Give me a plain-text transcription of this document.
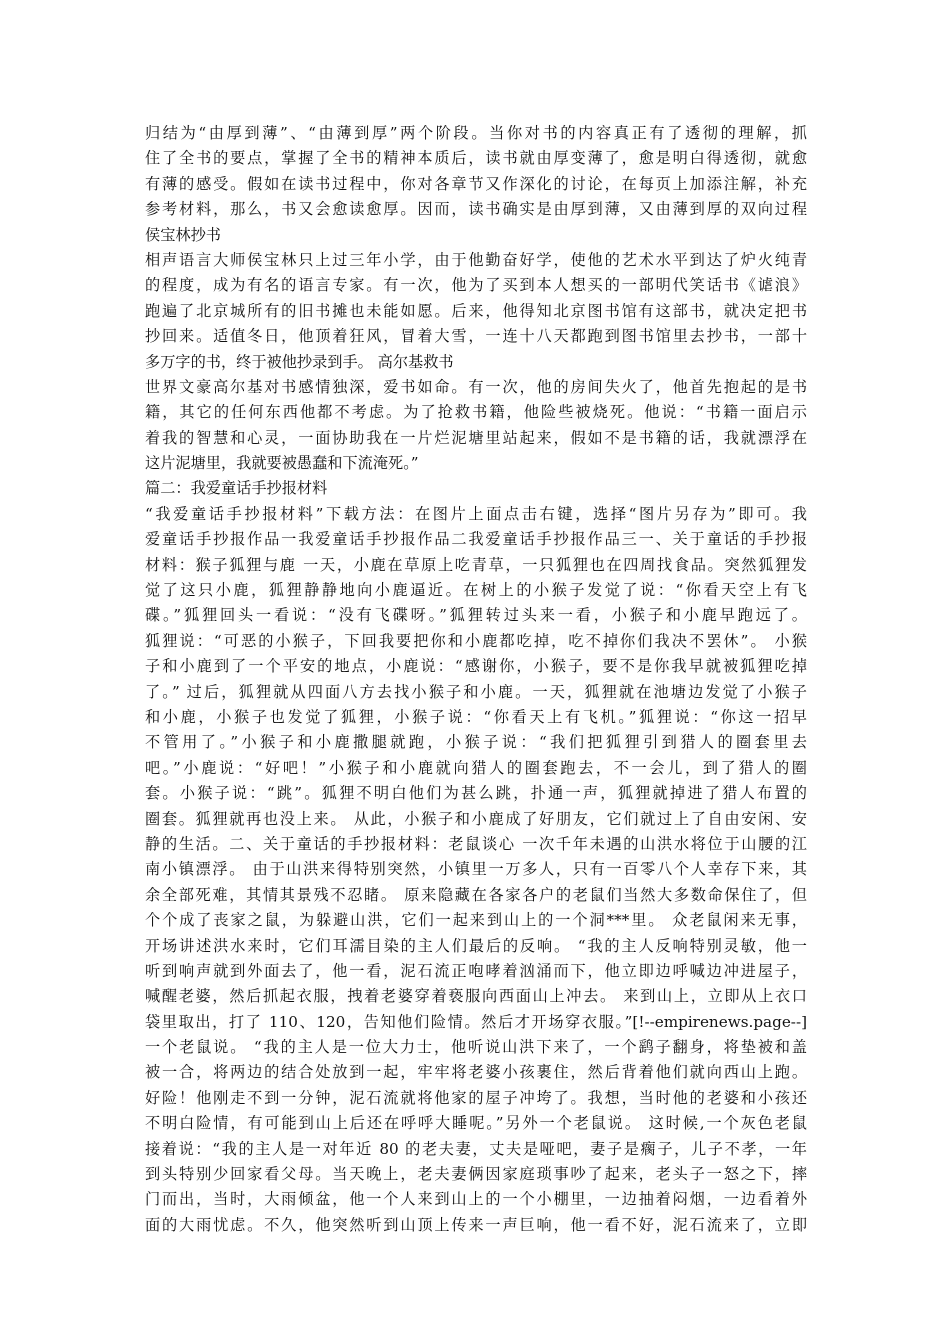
归结为“由厚到薄”、“由薄到厚”两个阶段。当你对书的内容真正有了透彻的理解，抓
住了全书的要点，掌握了全书的精神本质后，读书就由厚变薄了，愈是明白得透彻，就愈
有薄的感受。假如在读书过程中，你对各章节又作深化的讨论，在每页上加添注解，补充
参考材料，那么，书又会愈读愈厚。因而，读书确实是由厚到薄，又由薄到厚的双向过程
侯宝林抄书
相声语言大师侯宝林只上过三年小学，由于他勤奋好学，使他的艺术水平到达了炉火纯青
的程度，成为有名的语言专家。有一次，他为了买到本人想买的一部明代笑话书《谑浪》
跑遍了北京城所有的旧书摊也未能如愿。后来，他得知北京图书馆有这部书，就决定把书
抄回来。适值冬日，他顶着狂风，冒着大雪，一连十八天都跑到图书馆里去抄书，一部十
多万字的书，终于被他抄录到手。 高尔基救书
世界文豪高尔基对书感情独深，爱书如命。有一次，他的房间失火了，他首先抱起的是书
籍，其它的任何东西他都不考虑。为了抢救书籍，他险些被烧死。他说：“书籍一面启示
着我的智慧和心灵，一面协助我在一片烂泥塘里站起来，假如不是书籍的话，我就漂浮在
这片泥塘里，我就要被愚蠢和下流淹死。”
篇二：我爱童话手抄报材料
“我爱童话手抄报材料”下载方法：在图片上面点击右键，选择“图片另存为”即可。我
爱童话手抄报作品一我爱童话手抄报作品二我爱童话手抄报作品三一、关于童话的手抄报
材料：猴子狐狸与鹿 一天，小鹿在草原上吃青草，一只狐狸也在四周找食品。突然狐狸发
觉了这只小鹿，狐狸静静地向小鹿逼近。在树上的小猴子发觉了说：“你看天空上有飞
碟。”狐狸回头一看说：“没有飞碟呀。”狐狸转过头来一看，小猴子和小鹿早跑远了。
狐狸说：“可恶的小猴子，下回我要把你和小鹿都吃掉，吃不掉你们我决不罢休”。 小猴
子和小鹿到了一个平安的地点，小鹿说：“感谢你，小猴子，要不是你我早就被狐狸吃掉
了。” 过后，狐狸就从四面八方去找小猴子和小鹿。一天，狐狸就在池塘边发觉了小猴子
和小鹿，小猴子也发觉了狐狸，小猴子说：“你看天上有飞机。”狐狸说：“你这一招早
不管用了。”小猴子和小鹿撒腿就跑，小猴子说：“我们把狐狸引到猎人的圈套里去
吧。”小鹿说：“好吧！”小猴子和小鹿就向猎人的圈套跑去，不一会儿，到了猎人的圈
套。小猴子说：“跳”。狐狸不明白他们为甚么跳，扑通一声，狐狸就掉进了猎人布置的
圈套。狐狸就再也没上来。 从此，小猴子和小鹿成了好朋友，它们就过上了自由安闲、安
静的生活。二、关于童话的手抄报材料：老鼠谈心 一次千年未遇的山洪水将位于山腰的江
南小镇漂浮。 由于山洪来得特别突然，小镇里一万多人，只有一百零八个人幸存下来，其
余全部死难，其情其景残不忍睹。 原来隐藏在各家各户的老鼠们当然大多数命保住了，但
个个成了丧家之鼠，为躲避山洪，它们一起来到山上的一个洞***里。 众老鼠闲来无事，
开场讲述洪水来时，它们耳濡目染的主人们最后的反响。 “我的主人反响特别灵敏，他一
听到响声就到外面去了，他一看，泥石流正咆哮着汹涌而下，他立即边呼喊边冲进屋子，
喊醒老婆，然后抓起衣服，拽着老婆穿着亵服向西面山上冲去。 来到山上，立即从上衣口
袋里取出，打了 110、120，告知他们险情。然后才开场穿衣服。”[!--empirenews.page--]
一个老鼠说。 “我的主人是一位大力士，他听说山洪下来了，一个鹞子翻身，将垫被和盖
被一合，将两边的结合处放到一起，牢牢将老婆小孩裹住，然后背着他们就向西山上跑。
好险！他刚走不到一分钟，泥石流就将他家的屋子冲垮了。我想，当时他的老婆和小孩还
不明白险情，有可能到山上后还在呼呼大睡呢。”另外一个老鼠说。 这时候,一个灰色老鼠
接着说：“我的主人是一对年近 80 的老夫妻，丈夫是哑吧，妻子是瘸子，儿子不孝，一年
到头特别少回家看父母。当天晚上，老夫妻俩因家庭琐事吵了起来，老头子一怒之下，摔
门而出，当时，大雨倾盆，他一个人来到山上的一个小棚里，一边抽着闷烟，一边看着外
面的大雨忧虑。不久，他突然听到山顶上传来一声巨响，他一看不好，泥石流来了，立即
